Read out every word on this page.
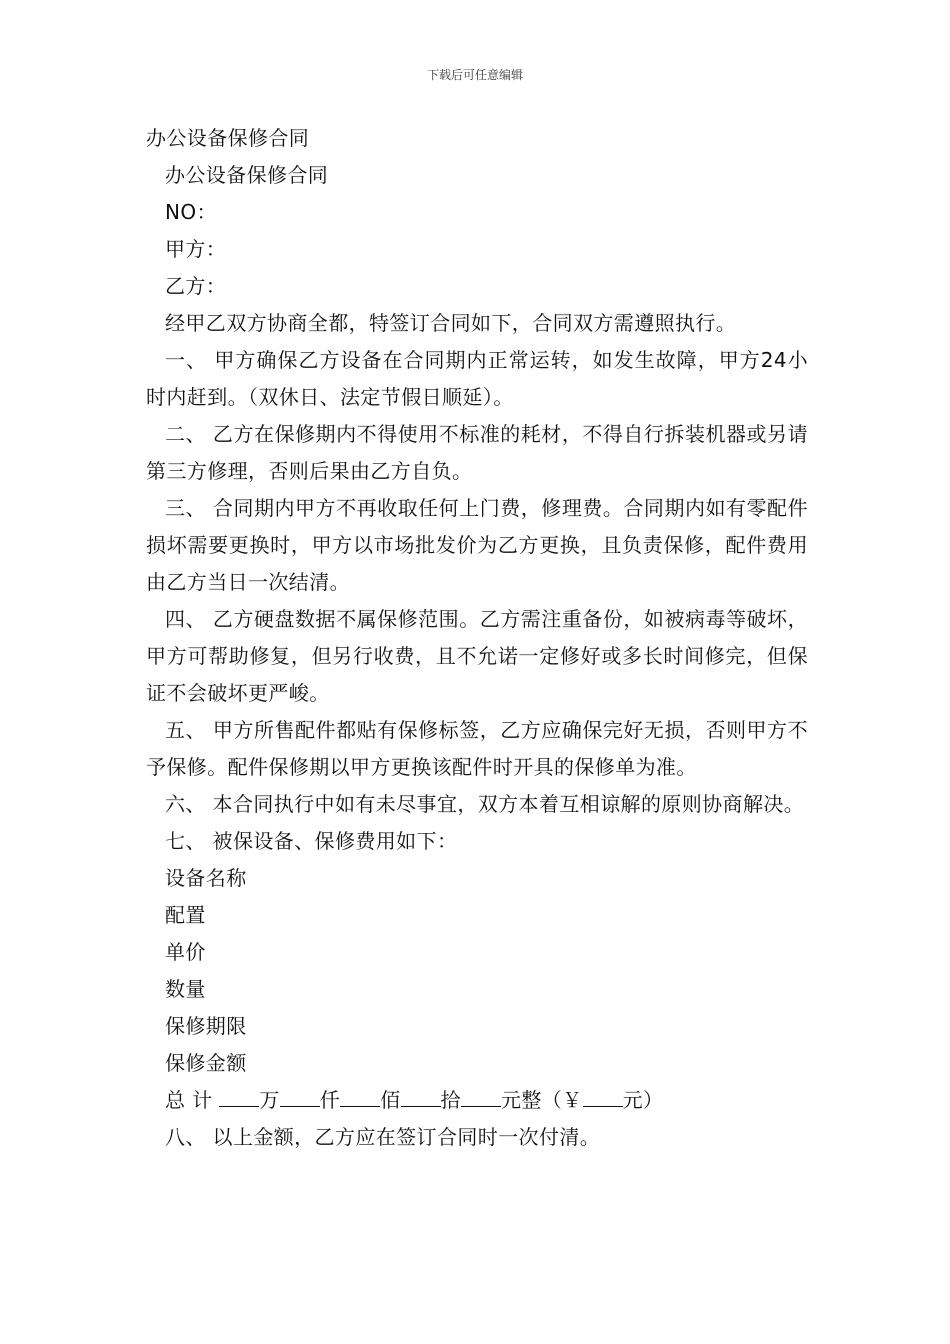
下载后可任意编辑

办公设备保修合同

办公设备保修合同

NO：

甲方：

乙方：

经甲乙双方协商全都，特签订合同如下，合同双方需遵照执行。

一、 甲方确保乙方设备在合同期内正常运转，如发生故障，甲方24小时内赶到。（双休日、法定节假日顺延）。

二、 乙方在保修期内不得使用不标准的耗材，不得自行拆装机器或另请第三方修理，否则后果由乙方自负。

三、 合同期内甲方不再收取任何上门费，修理费。合同期内如有零配件损坏需要更换时，甲方以市场批发价为乙方更换，且负责保修，配件费用由乙方当日一次结清。

四、 乙方硬盘数据不属保修范围。乙方需注重备份，如被病毒等破坏，甲方可帮助修复，但另行收费，且不允诺一定修好或多长时间修完，但保证不会破坏更严峻。

五、 甲方所售配件都贴有保修标签，乙方应确保完好无损，否则甲方不予保修。配件保修期以甲方更换该配件时开具的保修单为准。

六、 本合同执行中如有未尽事宜，双方本着互相谅解的原则协商解决。

七、 被保设备、保修费用如下：

设备名称

配置

单价

数量

保修期限

保修金额

总 计 万 仟 佰 拾 元整（￥ 元）

八、 以上金额，乙方应在签订合同时一次付清。
